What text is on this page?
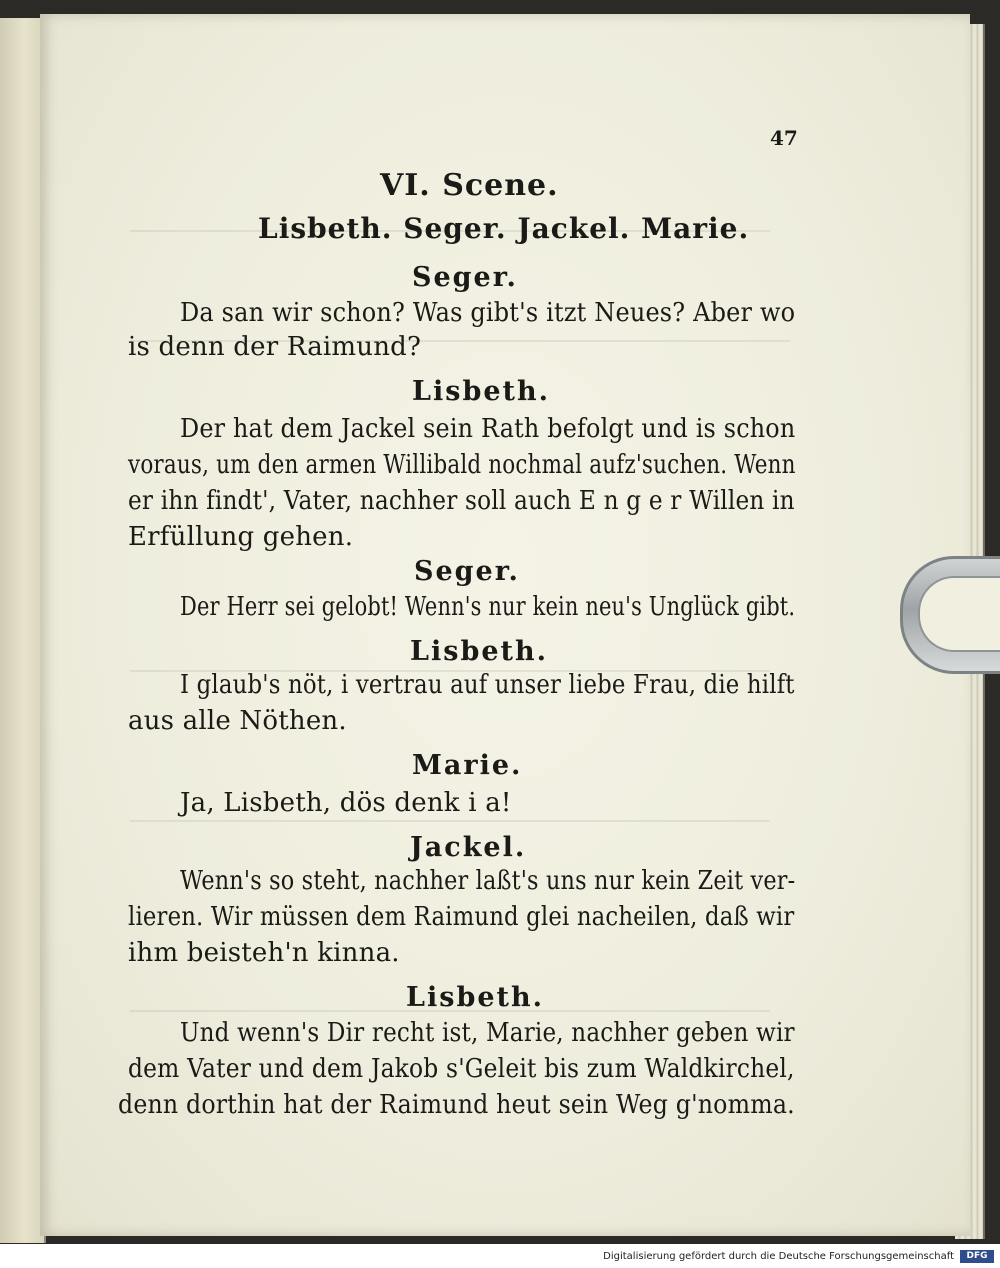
47
VI. Scene.
Lisbeth. Seger. Jackel. Marie.
Seger.
Da san wir schon? Was gibt's itzt Neues? Aber wo
is denn der Raimund?
Lisbeth.
Der hat dem Jackel sein Rath befolgt und is schon
voraus, um den armen Willibald nochmal aufz'suchen. Wenn
er ihn findt', Vater, nachher soll auch E n g e r Willen in
Erfüllung gehen.
Seger.
Der Herr sei gelobt! Wenn's nur kein neu's Unglück gibt.
Lisbeth.
I glaub's nöt, i vertrau auf unser liebe Frau, die hilft
aus alle Nöthen.
Marie.
Ja, Lisbeth, dös denk i a!
Jackel.
Wenn's so steht, nachher laßt's uns nur kein Zeit ver-
lieren. Wir müssen dem Raimund glei nacheilen, daß wir
ihm beisteh'n kinna.
Lisbeth.
Und wenn's Dir recht ist, Marie, nachher geben wir
dem Vater und dem Jakob s'Geleit bis zum Waldkirchel,
denn dorthin hat der Raimund heut sein Weg g'nomma.
Digitalisierung gefördert durch die Deutsche Forschungsgemeinschaft	DFG
